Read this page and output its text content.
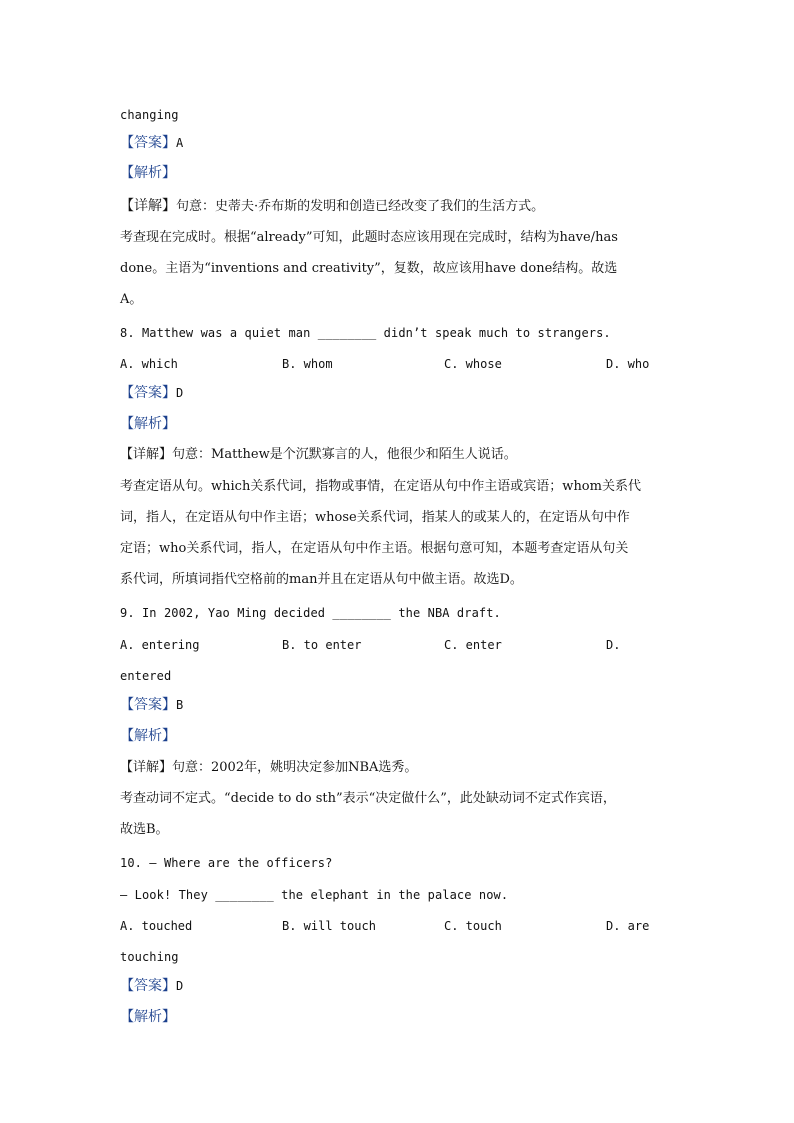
changing
【答案】A
【解析】
【详解】句意：史蒂夫·乔布斯的发明和创造已经改变了我们的生活方式。
考查现在完成时。根据“already”可知，此题时态应该用现在完成时，结构为have/has
done。主语为“inventions and creativity”，复数，故应该用have done结构。故选
A。
8. Matthew was a quiet man ________ didn’t speak much to strangers.
A. which	B. whom	C. whose	D. who
【答案】D
【解析】
【详解】句意：Matthew是个沉默寡言的人，他很少和陌生人说话。
考查定语从句。which关系代词，指物或事情，在定语从句中作主语或宾语；whom关系代
词，指人，在定语从句中作主语；whose关系代词，指某人的或某人的，在定语从句中作
定语；who关系代词，指人，在定语从句中作主语。根据句意可知，本题考查定语从句关
系代词，所填词指代空格前的man并且在定语从句中做主语。故选D。
9. In 2002, Yao Ming decided ________ the NBA draft.
A. entering	B. to enter	C. enter	D.
entered
【答案】B
【解析】
【详解】句意：2002年，姚明决定参加NBA选秀。
考查动词不定式。“decide to do sth”表示“决定做什么”，此处缺动词不定式作宾语，
故选B。
10. — Where are the officers?
— Look! They ________ the elephant in the palace now.
A. touched	B. will touch	C. touch	D. are
touching
【答案】D
【解析】
